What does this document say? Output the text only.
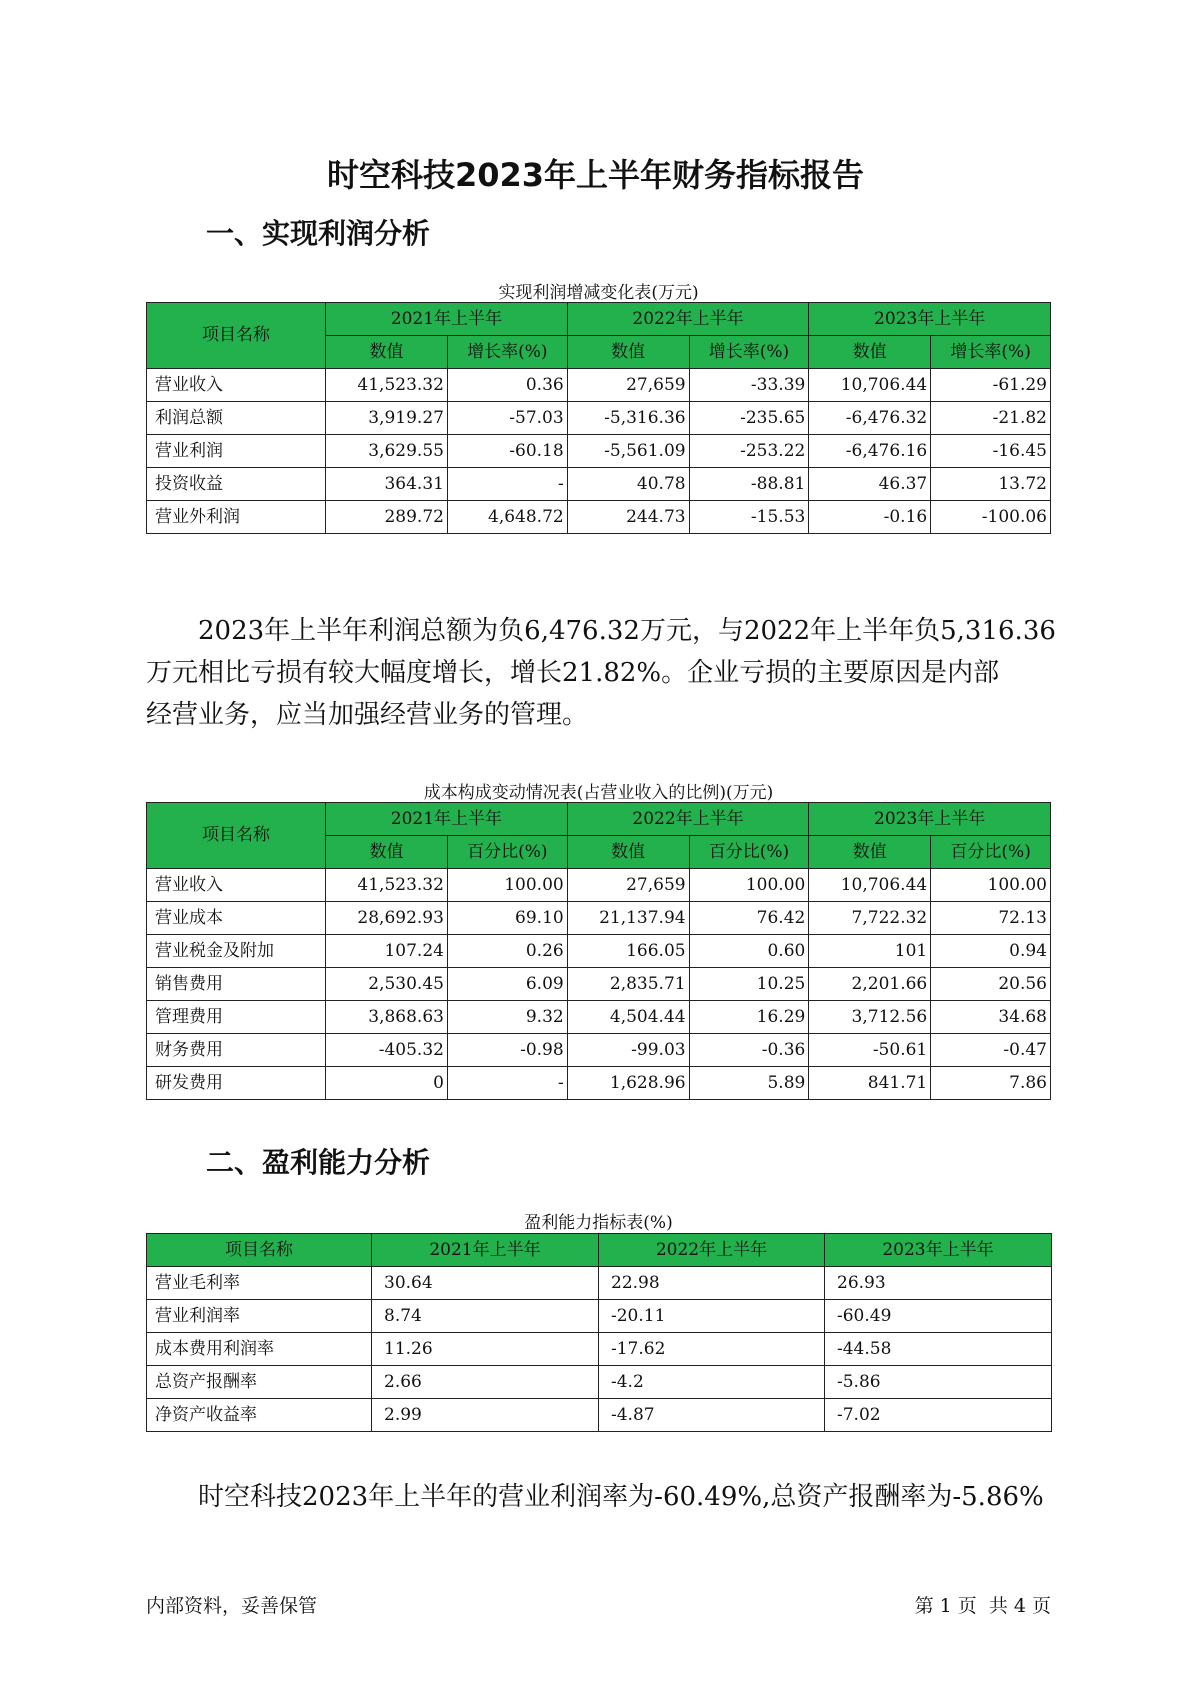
时空科技2023年上半年财务指标报告
一、实现利润分析
实现利润增减变化表(万元)
项目名称	2021年上半年		2022年上半年		2023年上半年	
	数值	增长率(%)	数值	增长率(%)	数值	增长率(%)
营业收入	41,523.32	0.36	27,659	-33.39	10,706.44	-61.29
利润总额	3,919.27	-57.03	-5,316.36	-235.65	-6,476.32	-21.82
营业利润	3,629.55	-60.18	-5,561.09	-253.22	-6,476.16	-16.45
投资收益	364.31	-	40.78	-88.81	46.37	13.72
营业外利润	289.72	4,648.72	244.73	-15.53	-0.16	-100.06
2023年上半年利润总额为负6,476.32万元，与2022年上半年负5,316.36
万元相比亏损有较大幅度增长，增长21.82%。企业亏损的主要原因是内部
经营业务，应当加强经营业务的管理。
成本构成变动情况表(占营业收入的比例)(万元)
项目名称	2021年上半年		2022年上半年		2023年上半年	
	数值	百分比(%)	数值	百分比(%)	数值	百分比(%)
营业收入	41,523.32	100.00	27,659	100.00	10,706.44	100.00
营业成本	28,692.93	69.10	21,137.94	76.42	7,722.32	72.13
营业税金及附加	107.24	0.26	166.05	0.60	101	0.94
销售费用	2,530.45	6.09	2,835.71	10.25	2,201.66	20.56
管理费用	3,868.63	9.32	4,504.44	16.29	3,712.56	34.68
财务费用	-405.32	-0.98	-99.03	-0.36	-50.61	-0.47
研发费用	0	-	1,628.96	5.89	841.71	7.86
二、盈利能力分析
盈利能力指标表(%)
项目名称	2021年上半年	2022年上半年	2023年上半年
营业毛利率	30.64	22.98	26.93
营业利润率	8.74	-20.11	-60.49
成本费用利润率	11.26	-17.62	-44.58
总资产报酬率	2.66	-4.2	-5.86
净资产收益率	2.99	-4.87	-7.02
时空科技2023年上半年的营业利润率为-60.49%,总资产报酬率为-5.86%
内部资料，妥善保管	第 1 页  共 4 页
